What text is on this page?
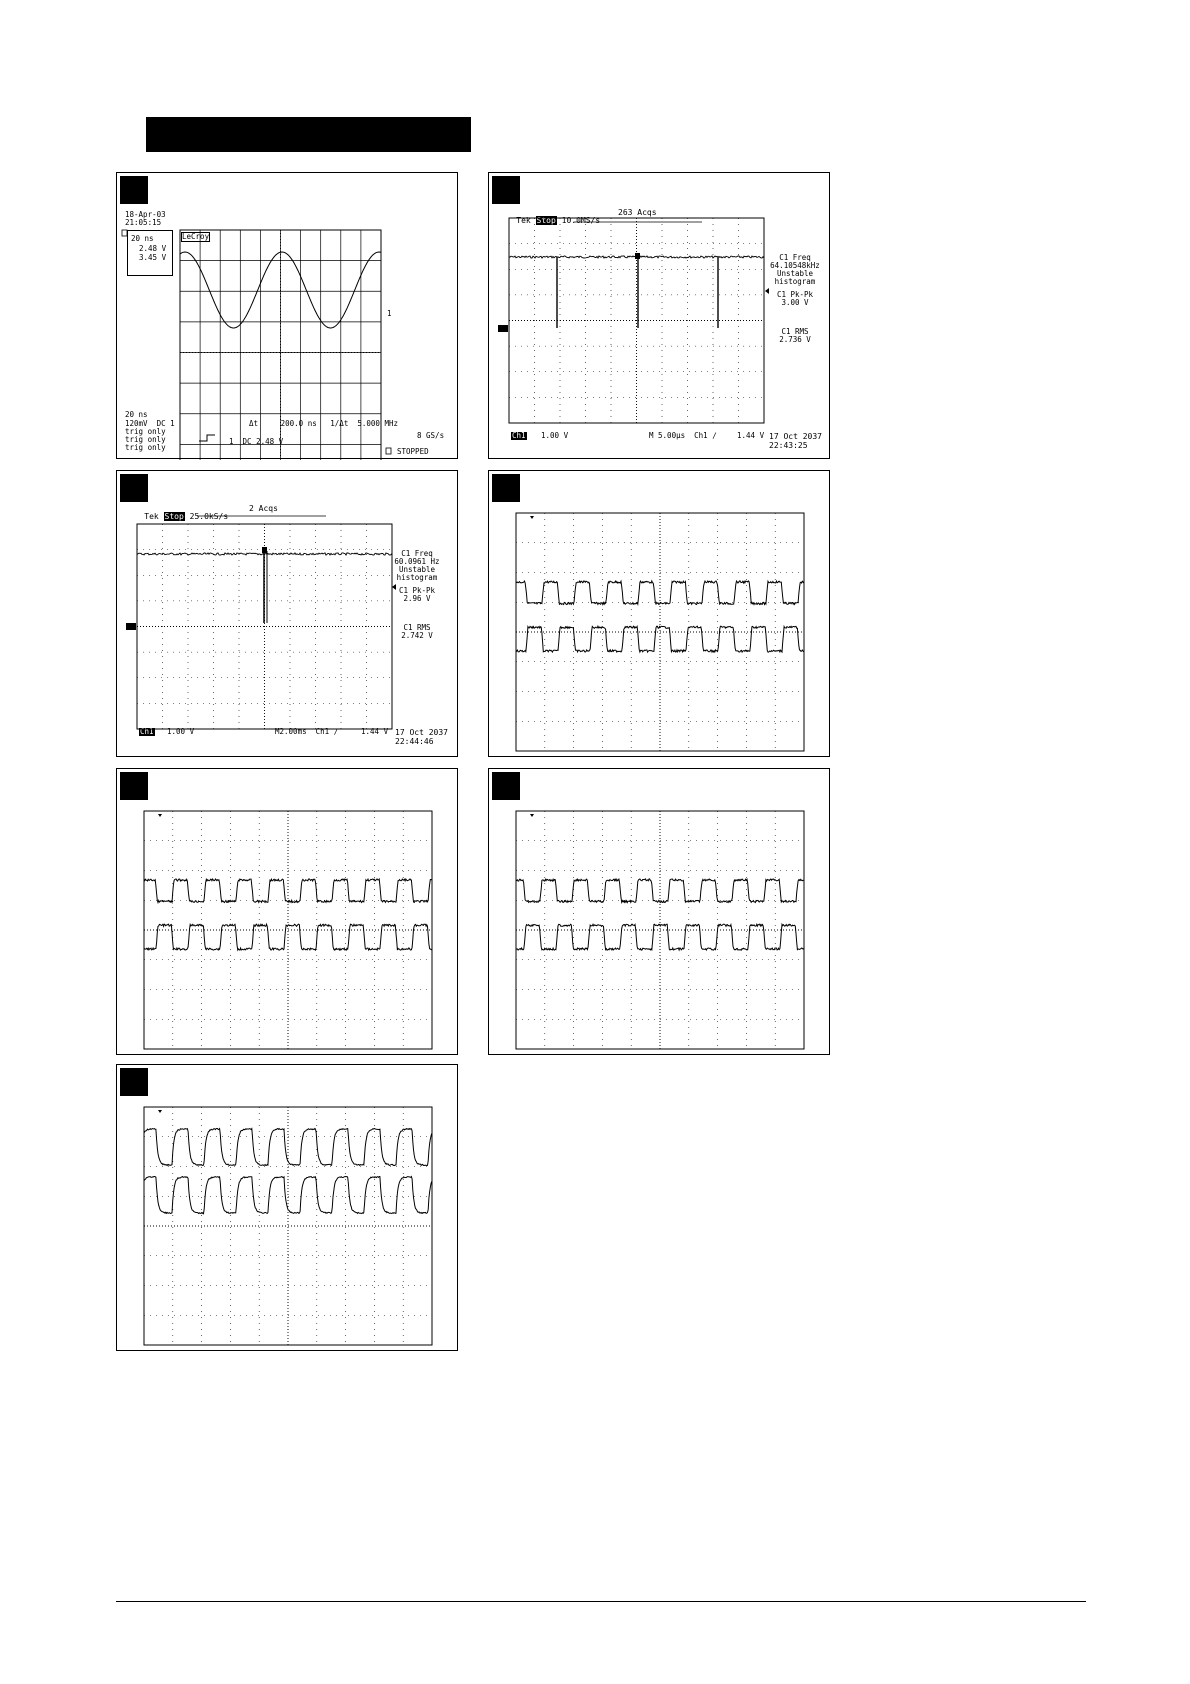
18-Apr-03
21:05:15
20 ns
2.48 V
3.45 V
LeCroy
1
20 ns
120mV  DC 1
trig only
trig only
trig only
Δt     200.0 ns   1/Δt  5.000 MHz
1  DC 2.48 V
8 GS/s
STOPPED

Tek Stop 10.0MS/s

263 Acqs
C1 Freq
64.10548kHz
Unstable
histogram
C1 Pk-Pk
3.00 V
C1 RMS
2.736 V
Ch1 1.00 V	M 5.00µs  Ch1 ∕	1.44 V 17 Oct 2037
22:43:25

Tek Stop 25.0kS/s

2 Acqs
C1 Freq
60.0961 Hz
Unstable
histogram
C1 Pk-Pk
2.96 V
C1 RMS
2.742 V
Ch1 1.00 V	M2.00ms  Ch1 ∕	1.44 V 17 Oct 2037
22:44:46
